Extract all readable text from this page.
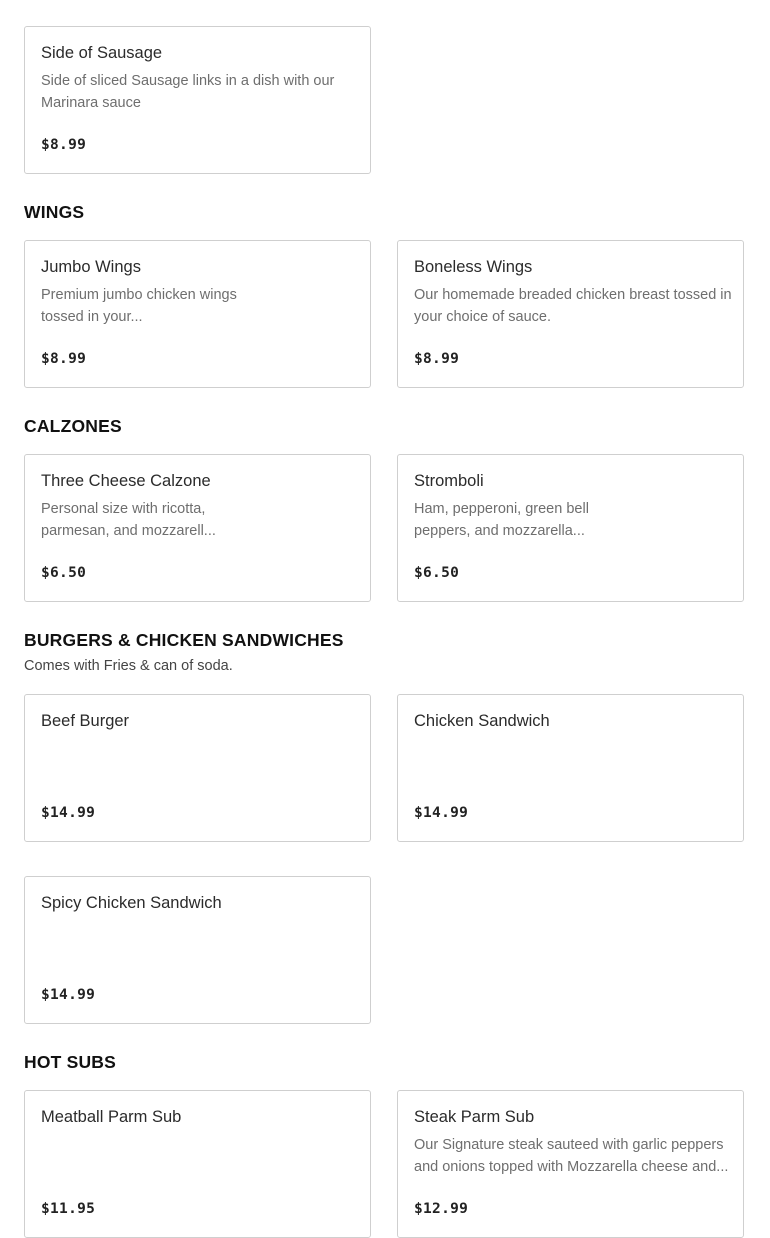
Side of Sausage
Side of sliced Sausage links in a dish with our Marinara sauce
$8.99
WINGS
Jumbo Wings
Premium jumbo chicken wings tossed in your...
$8.99
Boneless Wings
Our homemade breaded chicken breast tossed in your choice of sauce.
$8.99
CALZONES
Three Cheese Calzone
Personal size with ricotta, parmesan, and mozzarell...
$6.50
Stromboli
Ham, pepperoni, green bell peppers, and mozzarella...
$6.50
BURGERS & CHICKEN SANDWICHES
Comes with Fries & can of soda.
Beef Burger
$14.99
Chicken Sandwich
$14.99
Spicy Chicken Sandwich
$14.99
HOT SUBS
Meatball Parm Sub
$11.95
Steak Parm Sub
Our Signature steak sauteed with garlic peppers and onions topped with Mozzarella cheese and...
$12.99
